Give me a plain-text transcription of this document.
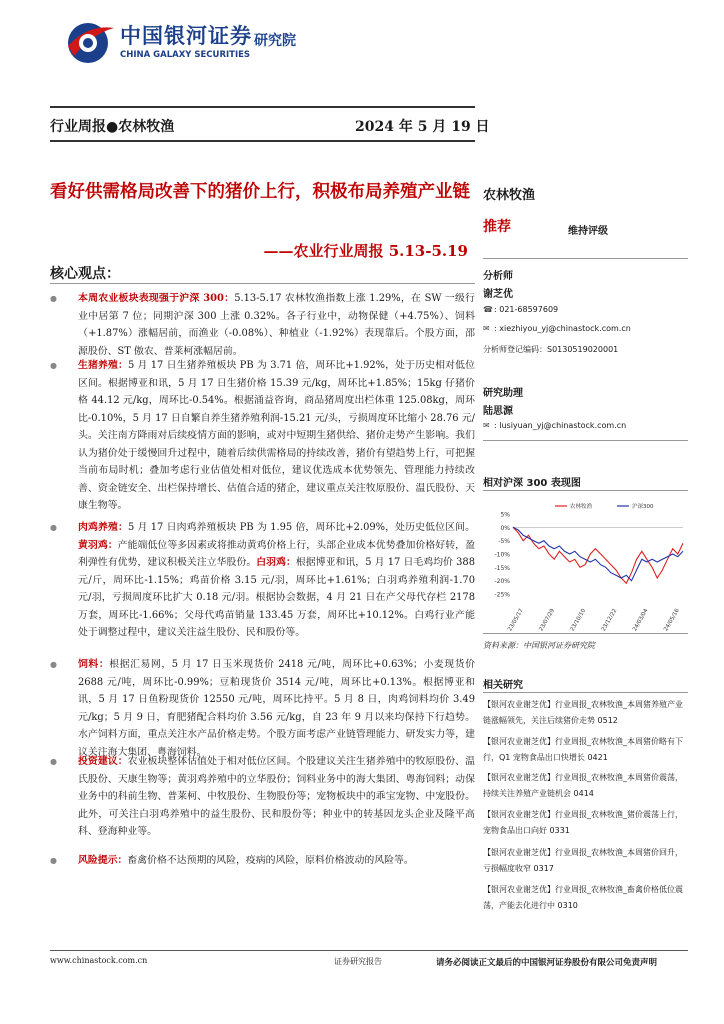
中国银河证券
CHINA GALAXY SECURITIES
研究院
行业周报●农林牧渔	2024 年 5 月 19 日
看好供需格局改善下的猪价上行，积极布局养殖产业链
——农业行业周报 5.13-5.19
核心观点：
● 本周农业板块表现强于沪深 300：5.13-5.17 农林牧渔指数上涨 1.29%，在 SW 一级行业中居第 7 位；同期沪深 300 上涨 0.32%。各子行业中，动物保健（+4.75%）、饲料（+1.87%）涨幅居前，而渔业（-0.08%）、种植业（-1.92%）表现靠后。个股方面，邵源股份、ST 傲农、普莱柯涨幅居前。
● 生猪养殖：5 月 17 日生猪养殖板块 PB 为 3.71 倍，周环比+1.92%，处于历史相对低位区间。根据博亚和讯，5 月 17 日生猪价格 15.39 元/kg，周环比+1.85%；15kg 仔猪价格 44.12 元/kg，周环比-0.54%。根据涌益咨询，商品猪周度出栏体重 125.08kg，周环比-0.10%，5 月 17 日自繁自养生猪养殖利润-15.21 元/头，亏损周度环比缩小 28.76 元/头。关注南方降雨对后续疫情方面的影响，或对中短期生猪供给、猪价走势产生影响。我们认为猪价处于缓慢回升过程中，随着后续供需格局的持续改善，猪价有望趋势上行，可把握当前布局时机；叠加考虑行业估值处相对低位，建议优选成本优势领先、管理能力持续改善、资金链安全、出栏保持增长、估值合适的猪企，建议重点关注牧原股份、温氏股份、天康生物等。
● 肉鸡养殖：5 月 17 日肉鸡养殖板块 PB 为 1.95 倍，周环比+2.09%，处历史低位区间。黄羽鸡：产能端低位等多因素或将推动黄鸡价格上行，头部企业成本优势叠加价格好转，盈利弹性有优势，建议积极关注立华股份。白羽鸡：根据博亚和讯，5 月 17 日毛鸡均价 388 元/斤，周环比-1.15%；鸡苗价格 3.15 元/羽，周环比+1.61%；白羽鸡养殖利润-1.70 元/羽，亏损周度环比扩大 0.18 元/羽。根据协会数据，4 月 21 日在产父母代存栏 2178 万套，周环比-1.66%；父母代鸡苗销量 133.45 万套，周环比+10.12%。白鸡行业产能处于调整过程中，建议关注益生股份、民和股份等。
● 饲料：根据汇易网，5 月 17 日玉米现货价 2418 元/吨，周环比+0.63%；小麦现货价 2688 元/吨，周环比-0.99%；豆粕现货价 3514 元/吨，周环比+0.13%。根据博亚和讯，5 月 17 日鱼粉现货价 12550 元/吨，周环比持平。5 月 8 日，肉鸡饲料均价 3.49 元/kg；5 月 9 日，育肥猪配合料均价 3.56 元/kg，自 23 年 9 月以来均保持下行趋势。水产饲料方面，重点关注水产品价格走势。个股方面考虑产业链管理能力、研发实力等，建议关注海大集团、粤海饲料。
● 投资建议：农业板块整体估值处于相对低位区间。个股建议关注生猪养殖中的牧原股份、温氏股份、天康生物等；黄羽鸡养殖中的立华股份；饲料业务中的海大集团、粤海饲料；动保业务中的科前生物、普莱柯、中牧股份、生物股份等；宠物板块中的乖宝宠物、中宠股份。此外，可关注白羽鸡养殖中的益生股份、民和股份等；种业中的转基因龙头企业及隆平高科、登海种业等。
● 风险提示：畜禽价格不达预期的风险，疫病的风险，原料价格波动的风险等。
农林牧渔
推荐	维持评级
分析师
谢芝优
☎: 021-68597609
✉ : xiezhiyou_yj@chinastock.com.cn
分析师登记编码：S0130519020001
研究助理
陆思源
✉ : lusiyuan_yj@chinastock.com.cn
相对沪深 300 表现图
5%
0%
-5%
-10%
-15%
-20%
-25%
23/05/17 23/07/29 23/10/10 23/12/22 24/03/04 24/05/16
农林牧渔	沪深300
资料来源：中国银河证券研究院
相关研究
【银河农业谢芝优】行业周报_农林牧渔_本周猪养殖产业链涨幅领先，关注后续猪价走势 0512
【银河农业谢芝优】行业周报_农林牧渔_本周猪价略有下行，Q1 宠物食品出口快增长 0421
【银河农业谢芝优】行业周报_农林牧渔_本周猪价震荡，持续关注养殖产业链机会 0414
【银河农业谢芝优】行业周报_农林牧渔_猪价震荡上行，宠物食品出口向好 0331
【银河农业谢芝优】行业周报_农林牧渔_本周猪价回升，亏损幅度收窄 0317
【银河农业谢芝优】行业周报_农林牧渔_畜禽价格低位震荡，产能去化进行中 0310
www.chinastock.com.cn	证券研究报告	请务必阅读正文最后的中国银河证券股份有限公司免责声明
